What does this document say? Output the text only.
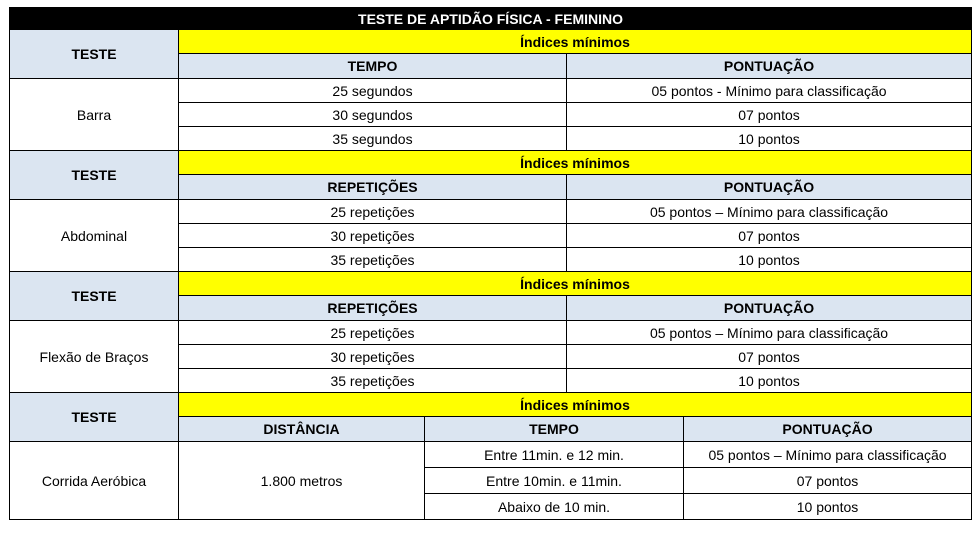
TESTE DE APTIDÃO FÍSICA - FEMININO				
TESTE	Índices mínimos			
	TEMPO		PONTUAÇÃO	
Barra	25 segundos		05 pontos - Mínimo para classificação	
	30 segundos		07 pontos	
	35 segundos		10 pontos	
TESTE	Índices mínimos			
	REPETIÇÕES		PONTUAÇÃO	
Abdominal	25 repetições		05 pontos – Mínimo para classificação	
	30 repetições		07 pontos	
	35 repetições		10 pontos	
TESTE	Índices mínimos			
	REPETIÇÕES		PONTUAÇÃO	
Flexão de Braços	25 repetições		05 pontos – Mínimo para classificação	
	30 repetições		07 pontos	
	35 repetições		10 pontos	
TESTE	Índices mínimos			
	DISTÂNCIA	TEMPO		PONTUAÇÃO
Corrida Aeróbica	1.800 metros	Entre 11min. e 12 min.		05 pontos – Mínimo para classificação
		Entre 10min. e 11min.		07 pontos
		Abaixo de 10 min.		10 pontos
